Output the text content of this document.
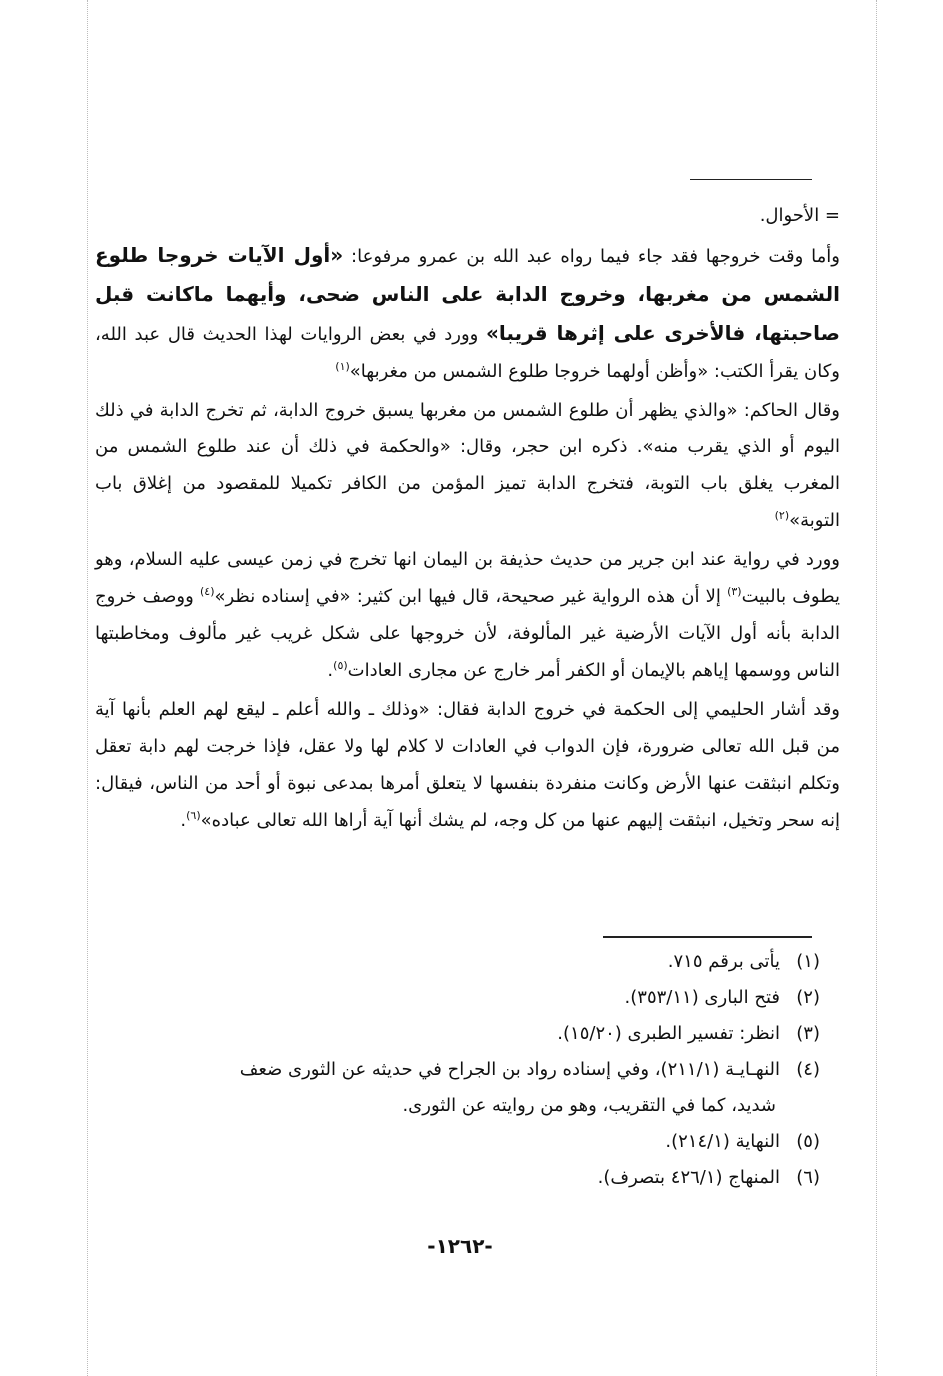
= الأحوال.

وأما وقت خروجها فقد جاء فيما رواه عبد الله بن عمرو مرفوعا: «أول الآيات خروجا طلوع الشمس من مغربها، وخروج الدابة على الناس ضحى، وأيهما ماكانت قبل صاحبتها، فالأخرى على إثرها قريبا» وورد في بعض الروايات لهذا الحديث قال عبد الله، وكان يقرأ الكتب: «وأظن أولهما خروجا طلوع الشمس من مغربها»$^{(١)}$

وقال الحاكم: «والذي يظهر أن طلوع الشمس من مغربها يسبق خروج الدابة، ثم تخرج الدابة في ذلك اليوم أو الذي يقرب منه». ذكره ابن حجر، وقال: «والحكمة في ذلك أن عند طلوع الشمس من المغرب يغلق باب التوبة، فتخرج الدابة تميز المؤمن من الكافر تكميلا للمقصود من إغلاق باب التوبة»$^{(٢)}$

وورد في رواية عند ابن جرير من حديث حذيفة بن اليمان انها تخرج في زمن عيسى عليه السلام، وهو يطوف بالبيت$^{(٣)}$ إلا أن هذه الرواية غير صحيحة، قال فيها ابن كثير: «في إسناده نظر»$^{(٤)}$ ووصف خروج الدابة بأنه أول الآيات الأرضية غير المألوفة، لأن خروجها على شكل غريب غير مألوف ومخاطبتها الناس ووسمها إياهم بالإيمان أو الكفر أمر خارج عن مجارى العادات$^{(٥)}$.

وقد أشار الحليمي إلى الحكمة في خروج الدابة فقال: «وذلك ـ والله أعلم ـ ليقع لهم العلم بأنها آية من قبل الله تعالى ضرورة، فإن الدواب في العادات لا كلام لها ولا عقل، فإذا خرجت لهم دابة تعقل وتكلم انبثقت عنها الأرض وكانت منفردة بنفسها لا يتعلق أمرها بمدعى نبوة أو أحد من الناس، فيقال: إنه سحر وتخيل، انبثقت إليهم عنها من كل وجه، لم يشك أنها آية أراها الله تعالى عباده»$^{(٦)}$.

(١)يأتى برقم ٧١٥.

(٢)فتح البارى (٣٥٣/١١).

(٣)انظر: تفسير الطبرى (١٥/٢٠).

(٤)النهـايـة (٢١١/١)، وفي إسناده رواد بن الجراح في حديثه عن الثورى ضعف
شديد، كما في التقريب، وهو من روايته عن الثورى.

(٥)النهاية (٢١٤/١).

(٦)المنهاج (٤٢٦/١ بتصرف).

-١٢٦٢-
